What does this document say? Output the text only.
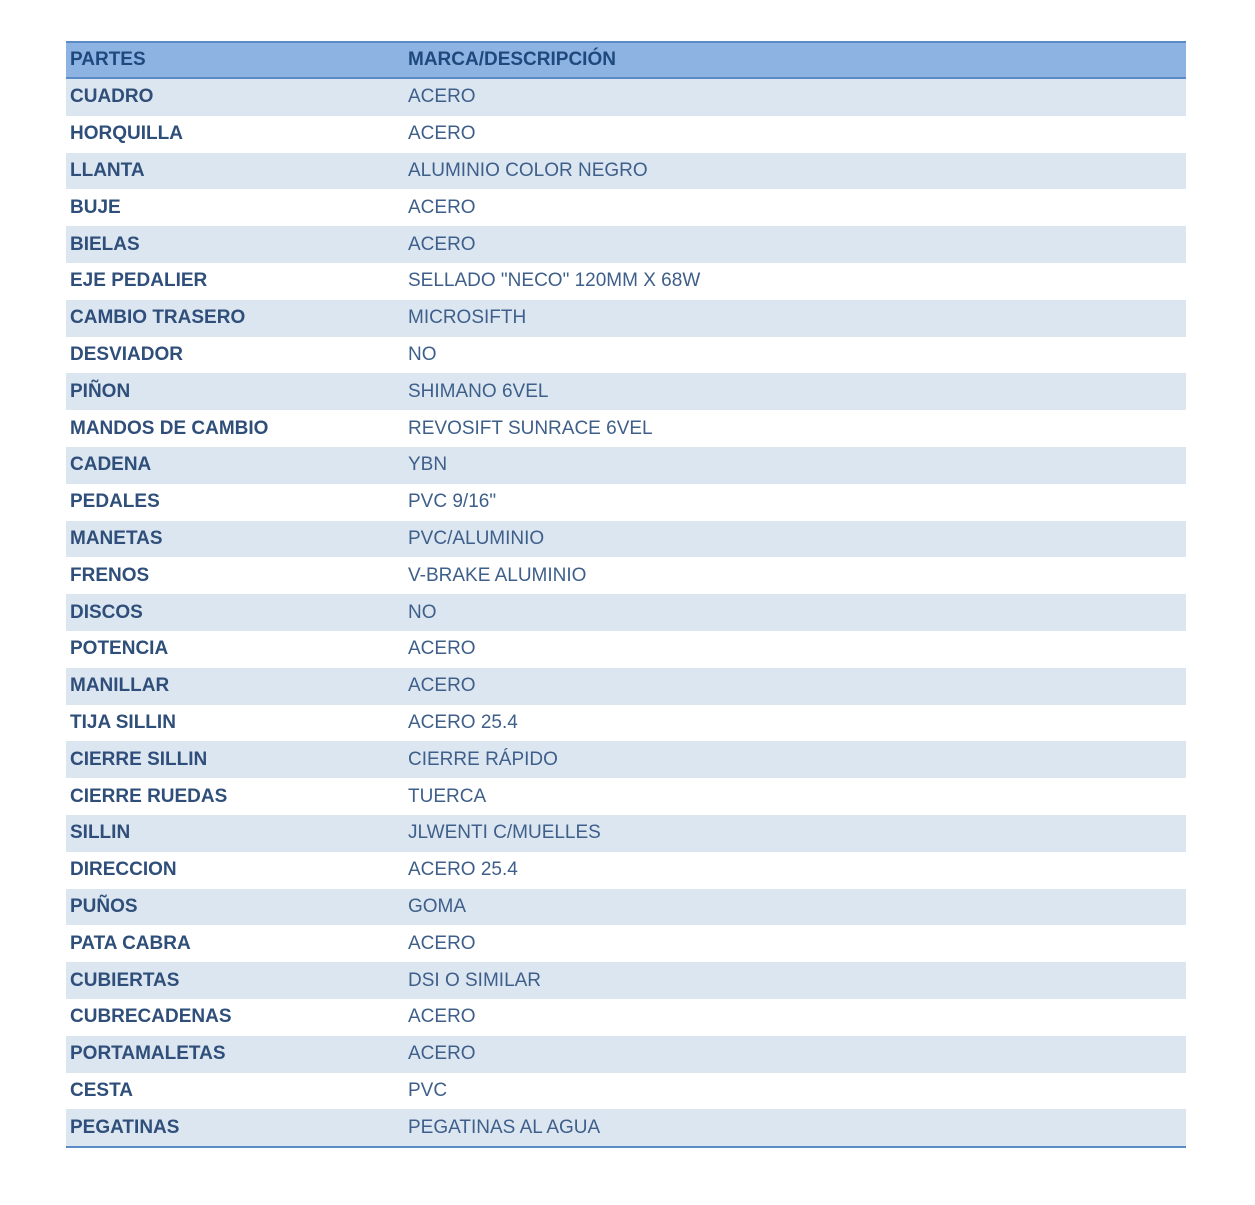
PARTES	MARCA/DESCRIPCIÓN
CUADRO	ACERO
HORQUILLA	ACERO
LLANTA	ALUMINIO COLOR NEGRO
BUJE	ACERO
BIELAS	ACERO
EJE PEDALIER	SELLADO "NECO" 120MM X 68W
CAMBIO TRASERO	MICROSIFTH
DESVIADOR	NO
PIÑON	SHIMANO 6VEL
MANDOS DE CAMBIO	REVOSIFT SUNRACE 6VEL
CADENA	YBN
PEDALES	PVC 9/16"
MANETAS	PVC/ALUMINIO
FRENOS	V-BRAKE ALUMINIO
DISCOS	NO
POTENCIA	ACERO
MANILLAR	ACERO
TIJA SILLIN	ACERO 25.4
CIERRE SILLIN	CIERRE RÁPIDO
CIERRE RUEDAS	TUERCA
SILLIN	JLWENTI C/MUELLES
DIRECCION	ACERO 25.4
PUÑOS	GOMA
PATA CABRA	ACERO
CUBIERTAS	DSI O SIMILAR
CUBRECADENAS	ACERO
PORTAMALETAS	ACERO
CESTA	PVC
PEGATINAS	PEGATINAS AL AGUA
